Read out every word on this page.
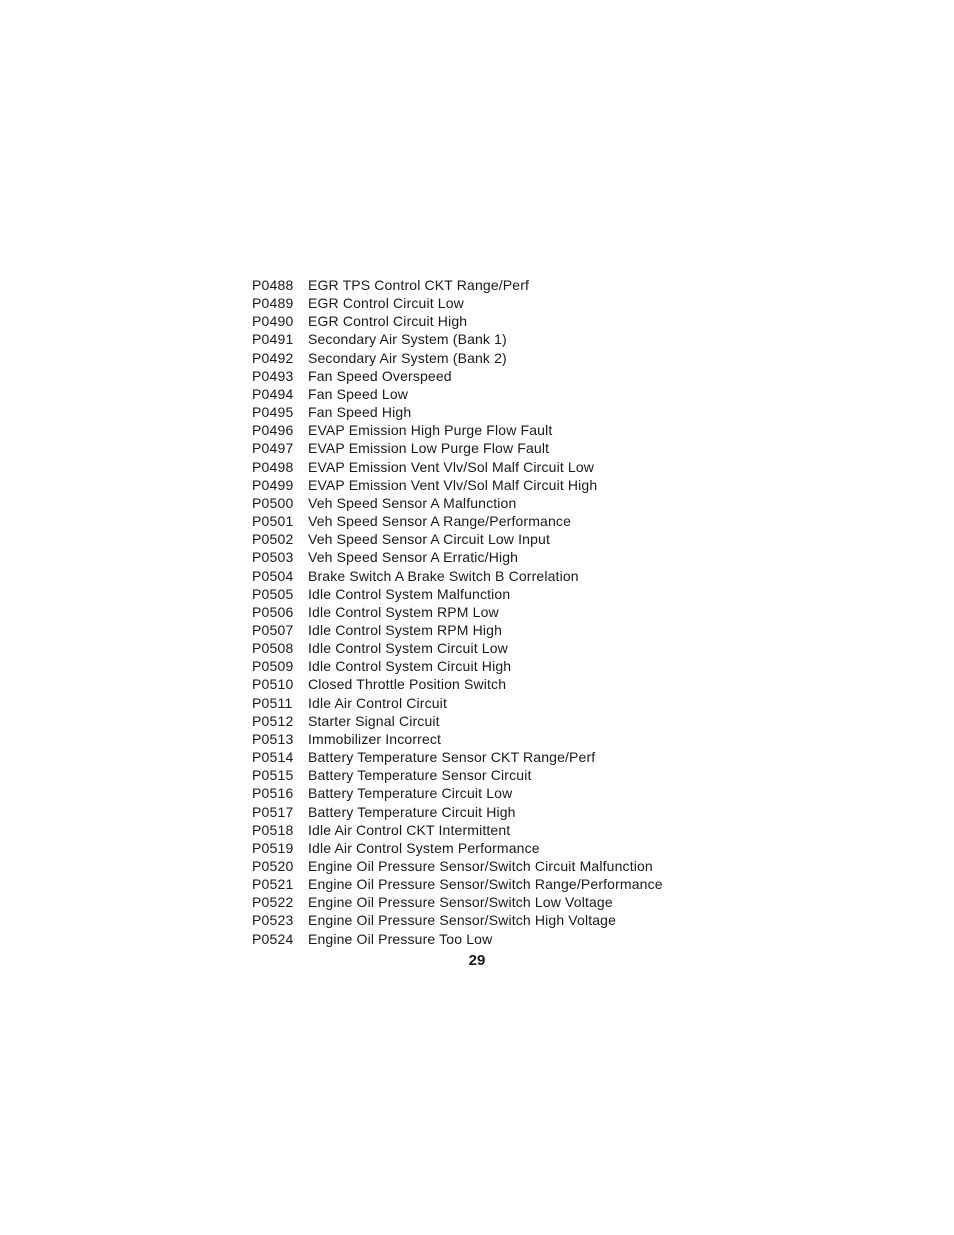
P0488	EGR TPS Control CKT Range/Perf
P0489	EGR Control Circuit Low
P0490	EGR Control Circuit High
P0491	Secondary Air System (Bank 1)
P0492	Secondary Air System (Bank 2)
P0493	Fan Speed Overspeed
P0494	Fan Speed Low
P0495	Fan Speed High
P0496	EVAP Emission High Purge Flow Fault
P0497	EVAP Emission Low Purge Flow Fault
P0498	EVAP Emission Vent Vlv/Sol Malf Circuit Low
P0499	EVAP Emission Vent Vlv/Sol Malf Circuit High
P0500	Veh Speed Sensor A Malfunction
P0501	Veh Speed Sensor A Range/Performance
P0502	Veh Speed Sensor A Circuit Low Input
P0503	Veh Speed Sensor A Erratic/High
P0504	Brake Switch A Brake Switch B Correlation
P0505	Idle Control System Malfunction
P0506	Idle Control System RPM Low
P0507	Idle Control System RPM High
P0508	Idle Control System Circuit Low
P0509	Idle Control System Circuit High
P0510	Closed Throttle Position Switch
P0511	Idle Air Control Circuit
P0512	Starter Signal Circuit
P0513	Immobilizer Incorrect
P0514	Battery Temperature Sensor CKT Range/Perf
P0515	Battery Temperature Sensor Circuit
P0516	Battery Temperature Circuit Low
P0517	Battery Temperature Circuit High
P0518	Idle Air Control CKT Intermittent
P0519	Idle Air Control System Performance
P0520	Engine Oil Pressure Sensor/Switch Circuit Malfunction
P0521	Engine Oil Pressure Sensor/Switch Range/Performance
P0522	Engine Oil Pressure Sensor/Switch Low Voltage
P0523	Engine Oil Pressure Sensor/Switch High Voltage
P0524	Engine Oil Pressure Too Low
29
